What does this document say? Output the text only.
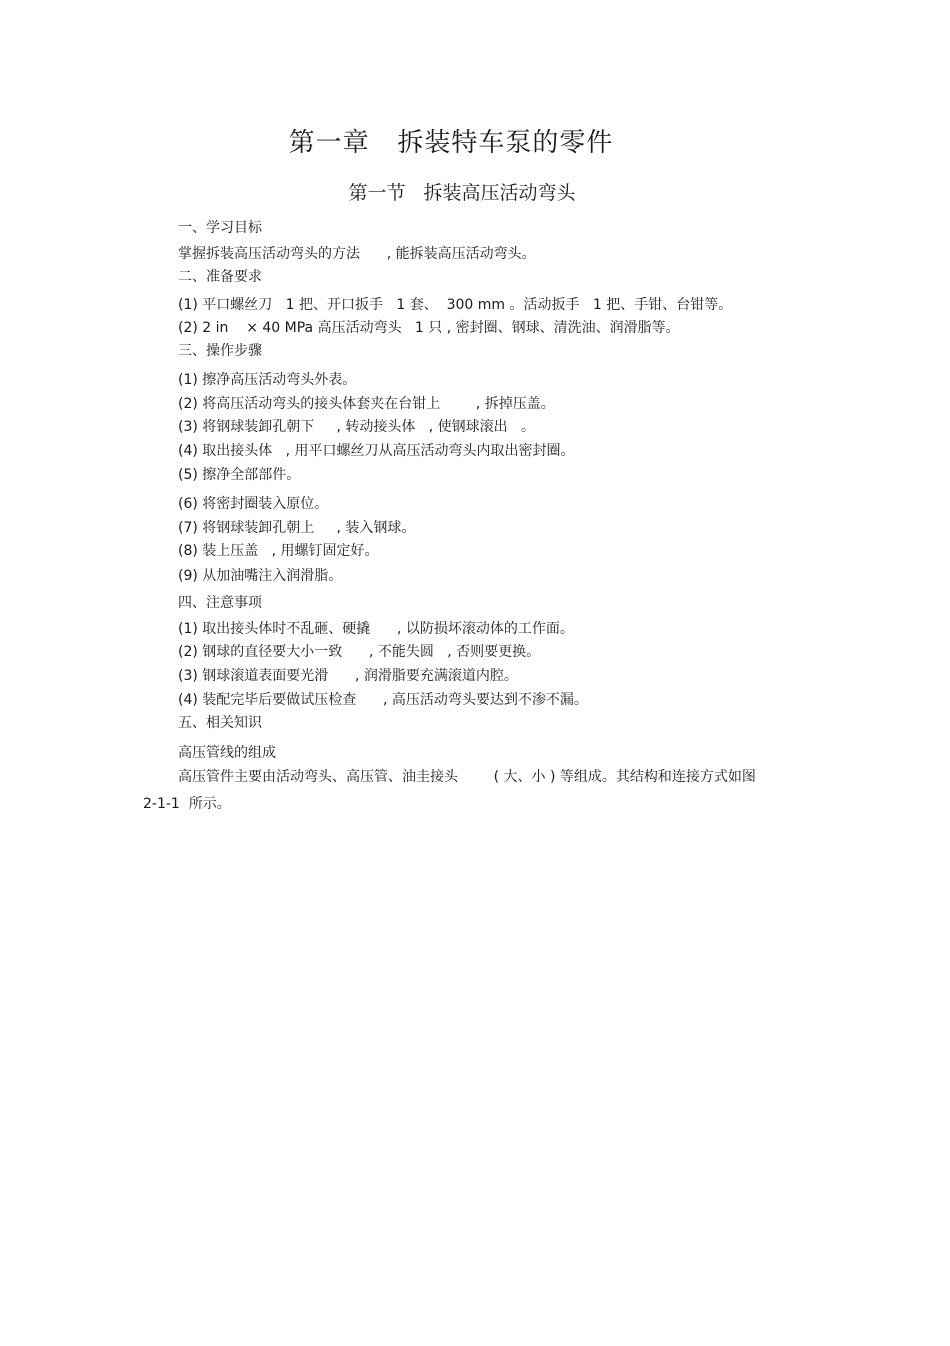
第一章   拆装特车泵的零件
第一节   拆装高压活动弯头
一、学习目标
掌握拆装高压活动弯头的方法      , 能拆装高压活动弯头。
二、准备要求
(1) 平口螺丝刀   1 把、开口扳手   1 套、  300 mm 。活动扳手   1 把、手钳、台钳等。
(2) 2 in    × 40 MPa 高压活动弯头   1 只 , 密封圈、钢球、清洗油、润滑脂等。
三、操作步骤
(1) 擦净高压活动弯头外表。
(2) 将高压活动弯头的接头体套夹在台钳上        , 拆掉压盖。
(3) 将钢球装卸孔朝下     , 转动接头体   , 使钢球滚出   。
(4) 取出接头体   , 用平口螺丝刀从高压活动弯头内取出密封圈。
(5) 擦净全部部件。
(6) 将密封圈装入原位。
(7) 将钢球装卸孔朝上     , 装入钢球。
(8) 装上压盖   , 用螺钉固定好。
(9) 从加油嘴注入润滑脂。
四、注意事项
(1) 取出接头体时不乱砸、硬撬      , 以防损坏滚动体的工作面。
(2) 钢球的直径要大小一致      , 不能失圆   , 否则要更换。
(3) 钢球滚道表面要光滑      , 润滑脂要充满滚道内腔。
(4) 装配完毕后要做试压检查      , 高压活动弯头要达到不渗不漏。
五、相关知识
高压管线的组成
高压管件主要由活动弯头、高压管、油圭接头        ( 大、小 ) 等组成。其结构和连接方式如图
2-1-1  所示。
